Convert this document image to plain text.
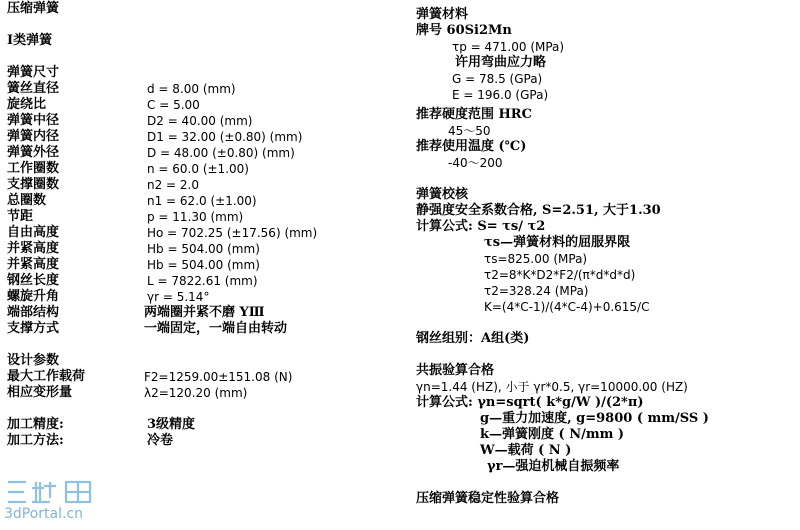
压缩弹簧
Ⅰ类弹簧
弹簧尺寸
簧丝直径	d = 8.00 (mm)
旋绕比	C = 5.00
弹簧中径	D2 = 40.00 (mm)
弹簧内径	D1 = 32.00 (±0.80) (mm)
弹簧外径	D = 48.00 (±0.80) (mm)
工作圈数	n = 60.0 (±1.00)
支撑圈数	n2 = 2.0
总圈数	n1 = 62.0 (±1.00)
节距	p = 11.30 (mm)
自由高度	Ho = 702.25 (±17.56) (mm)
并紧高度	Hb = 504.00 (mm)
并紧高度	Hb = 504.00 (mm)
钢丝长度	L = 7822.61 (mm)
螺旋升角	γr = 5.14°
端部结构	两端圈并紧不磨 YⅢ
支撑方式	一端固定，一端自由转动
设计参数
最大工作载荷	F2=1259.00±151.08 (N)
相应变形量	λ2=120.20 (mm)
加工精度:	3级精度
加工方法:	冷卷
弹簧材料
牌号 60Si2Mn
τp = 471.00 (MPa)
许用弯曲应力略
G = 78.5 (GPa)
E = 196.0 (GPa)
推荐硬度范围 HRC
45～50
推荐使用温度 (℃)
-40～200
弹簧校核
静强度安全系数合格, S=2.51, 大于1.30
计算公式: S= τs/ τ2
τs—弹簧材料的屈服界限
τs=825.00 (MPa)
τ2=8*K*D2*F2/(π*d*d*d)
τ2=328.24 (MPa)
K=(4*C-1)/(4*C-4)+0.615/C
钢丝组别：A组(类)
共振验算合格
γn=1.44 (HZ), 小于 γr*0.5, γr=10000.00 (HZ)
计算公式: γn=sqrt( k*g/W )/(2*π)
g—重力加速度, g=9800 ( mm/SS )
k—弹簧刚度 ( N/mm )
W—载荷 ( N )
γr—强迫机械自振频率
压缩弹簧稳定性验算合格
3dPortal.cn
